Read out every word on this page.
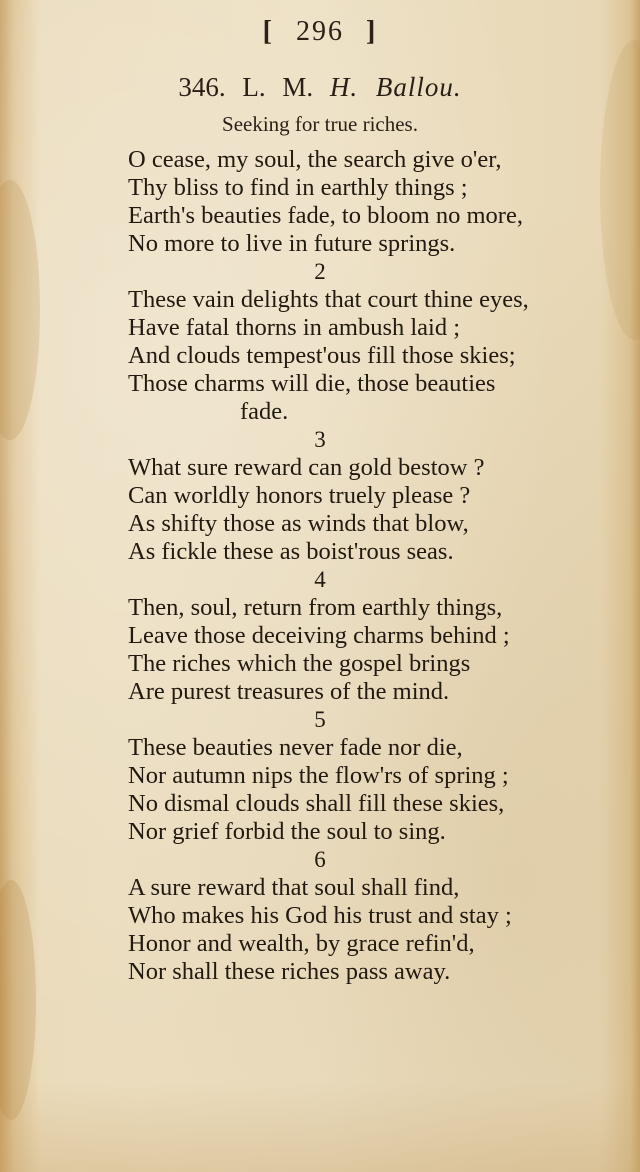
[ 296 ]
346. L. M. H. Ballou.
Seeking for true riches.
O cease, my soul, the search give o'er,
Thy bliss to find in earthly things ;
Earth's beauties fade, to bloom no more,
No more to live in future springs.
2
These vain delights that court thine eyes,
Have fatal thorns in ambush laid ;
And clouds tempest'ous fill those skies;
Those charms will die, those beauties
fade.
3
What sure reward can gold bestow ?
Can worldly honors truely please ?
As shifty those as winds that blow,
As fickle these as boist'rous seas.
4
Then, soul, return from earthly things,
Leave those deceiving charms behind ;
The riches which the gospel brings
Are purest treasures of the mind.
5
These beauties never fade nor die,
Nor autumn nips the flow'rs of spring ;
No dismal clouds shall fill these skies,
Nor grief forbid the soul to sing.
6
A sure reward that soul shall find,
Who makes his God his trust and stay ;
Honor and wealth, by grace refin'd,
Nor shall these riches pass away.
